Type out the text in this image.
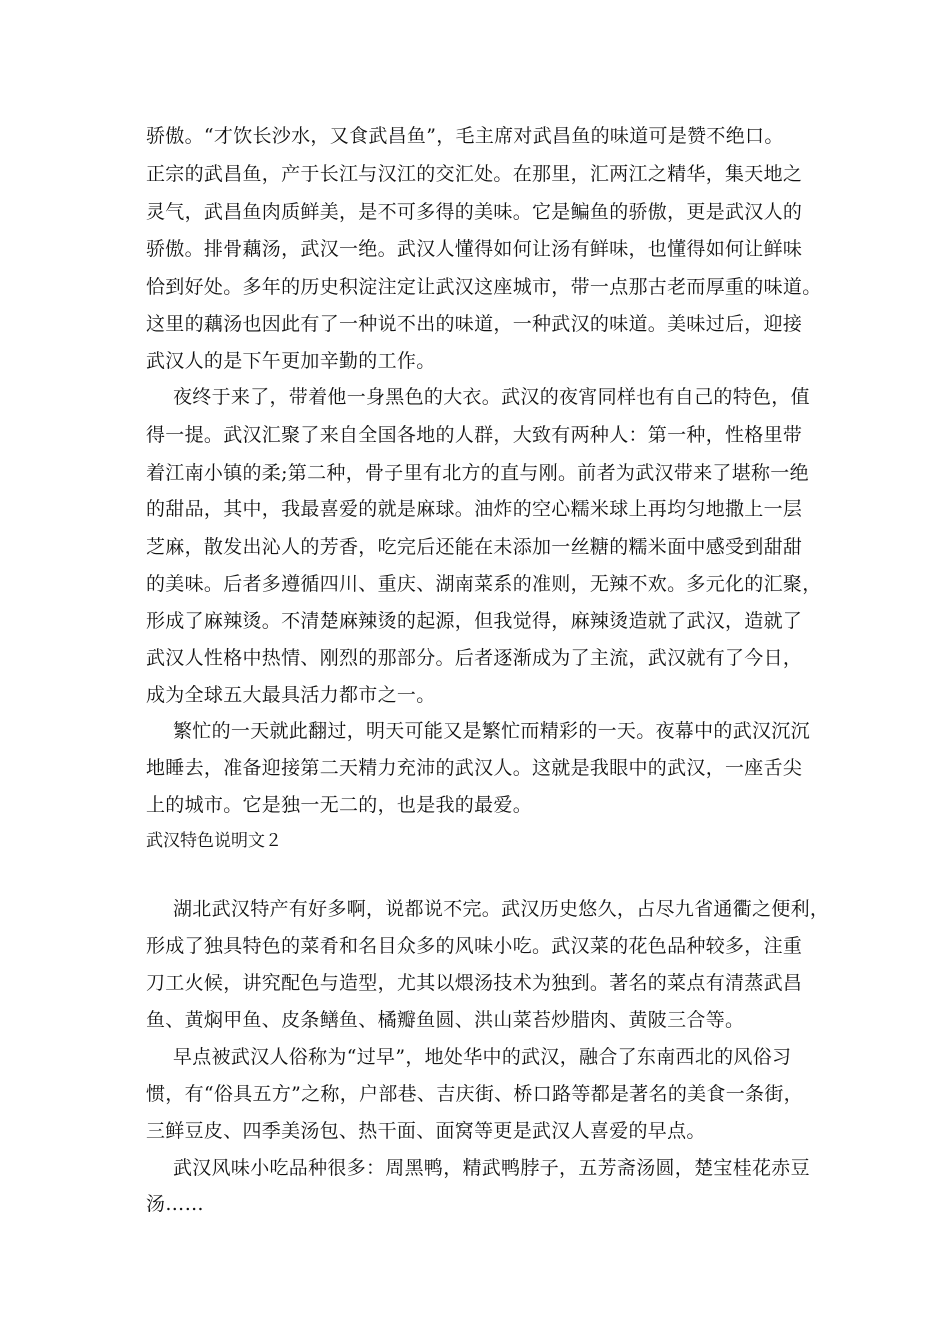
骄傲。“才饮长沙水，又食武昌鱼”，毛主席对武昌鱼的味道可是赞不绝口。
正宗的武昌鱼，产于长江与汉江的交汇处。在那里，汇两江之精华，集天地之
灵气，武昌鱼肉质鲜美，是不可多得的美味。它是鳊鱼的骄傲，更是武汉人的
骄傲。排骨藕汤，武汉一绝。武汉人懂得如何让汤有鲜味，也懂得如何让鲜味
恰到好处。多年的历史积淀注定让武汉这座城市，带一点那古老而厚重的味道。
这里的藕汤也因此有了一种说不出的味道，一种武汉的味道。美味过后，迎接
武汉人的是下午更加辛勤的工作。
夜终于来了，带着他一身黑色的大衣。武汉的夜宵同样也有自己的特色，值
得一提。武汉汇聚了来自全国各地的人群，大致有两种人：第一种，性格里带
着江南小镇的柔;第二种，骨子里有北方的直与刚。前者为武汉带来了堪称一绝
的甜品，其中，我最喜爱的就是麻球。油炸的空心糯米球上再均匀地撒上一层
芝麻，散发出沁人的芳香，吃完后还能在未添加一丝糖的糯米面中感受到甜甜
的美味。后者多遵循四川、重庆、湖南菜系的准则，无辣不欢。多元化的汇聚，
形成了麻辣烫。不清楚麻辣烫的起源，但我觉得，麻辣烫造就了武汉，造就了
武汉人性格中热情、刚烈的那部分。后者逐渐成为了主流，武汉就有了今日，
成为全球五大最具活力都市之一。
繁忙的一天就此翻过，明天可能又是繁忙而精彩的一天。夜幕中的武汉沉沉
地睡去，准备迎接第二天精力充沛的武汉人。这就是我眼中的武汉，一座舌尖
上的城市。它是独一无二的，也是我的最爱。
武汉特色说明文２
湖北武汉特产有好多啊，说都说不完。武汉历史悠久，占尽九省通衢之便利，
形成了独具特色的菜肴和名目众多的风味小吃。武汉菜的花色品种较多，注重
刀工火候，讲究配色与造型，尤其以煨汤技术为独到。著名的菜点有清蒸武昌
鱼、黄焖甲鱼、皮条鳝鱼、橘瓣鱼圆、洪山菜苔炒腊肉、黄陂三合等。
早点被武汉人俗称为“过早”，地处华中的武汉，融合了东南西北的风俗习
惯，有“俗具五方”之称，户部巷、吉庆街、桥口路等都是著名的美食一条街，
三鲜豆皮、四季美汤包、热干面、面窝等更是武汉人喜爱的早点。
武汉风味小吃品种很多：周黑鸭，精武鸭脖子，五芳斋汤圆，楚宝桂花赤豆
汤……
